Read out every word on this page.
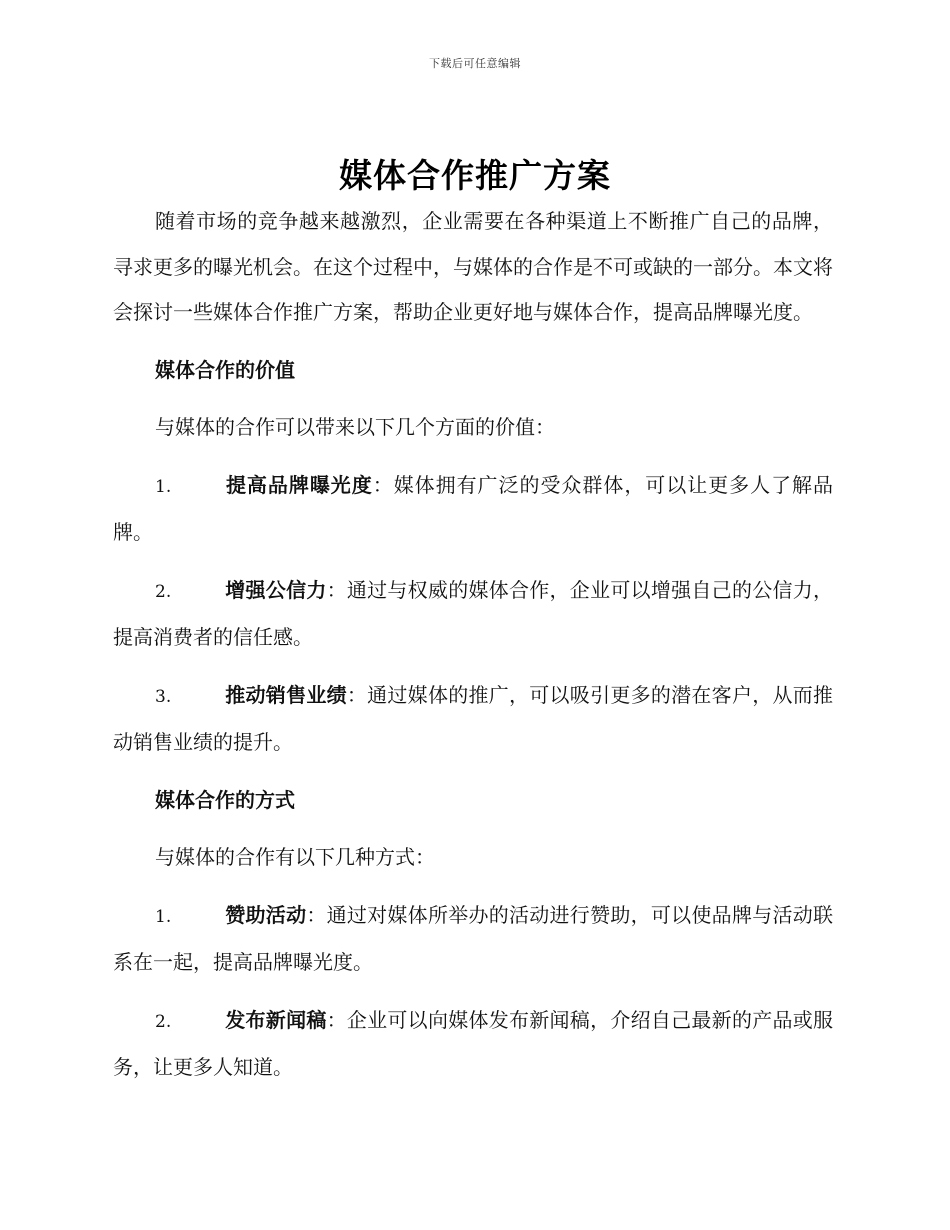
下载后可任意编辑
媒体合作推广方案

随着市场的竞争越来越激烈，企业需要在各种渠道上不断推广自己的品牌，寻求更多的曝光机会。在这个过程中，与媒体的合作是不可或缺的一部分。本文将会探讨一些媒体合作推广方案，帮助企业更好地与媒体合作，提高品牌曝光度。

媒体合作的价值

与媒体的合作可以带来以下几个方面的价值：

1.	提高品牌曝光度：媒体拥有广泛的受众群体，可以让更多人了解品牌。

2.	增强公信力：通过与权威的媒体合作，企业可以增强自己的公信力，提高消费者的信任感。

3.	推动销售业绩：通过媒体的推广，可以吸引更多的潜在客户，从而推动销售业绩的提升。

媒体合作的方式

与媒体的合作有以下几种方式：

1.	赞助活动：通过对媒体所举办的活动进行赞助，可以使品牌与活动联系在一起，提高品牌曝光度。

2.	发布新闻稿：企业可以向媒体发布新闻稿，介绍自己最新的产品或服务，让更多人知道。
